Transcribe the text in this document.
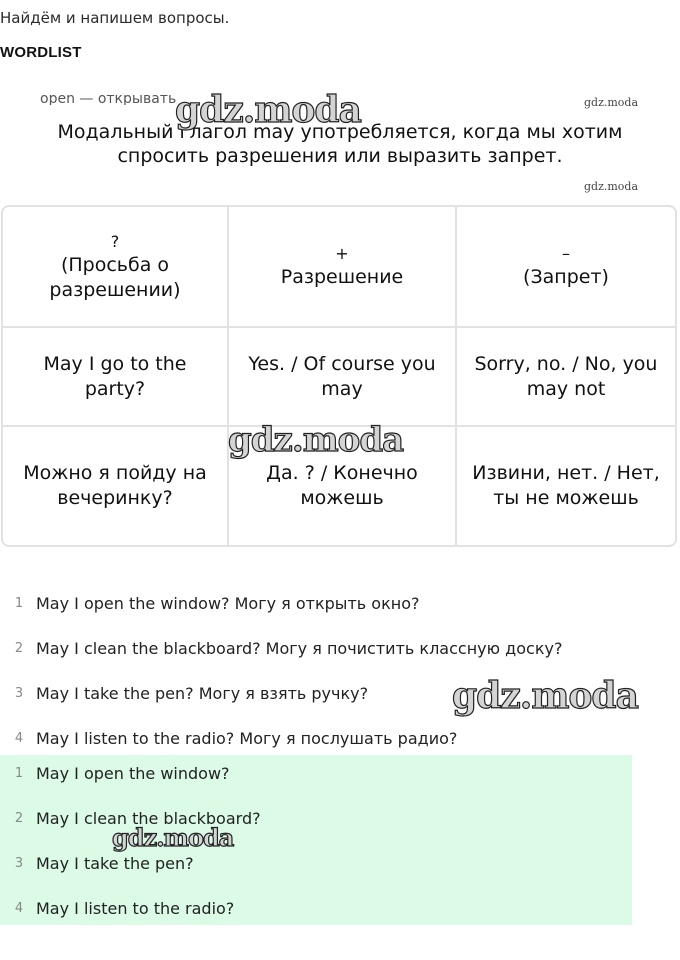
Найдём и напишем вопросы.
WORDLIST
open — открывать
Модальный глагол may употребляется, когда мы хотим
спросить разрешения или выразить запрет.
?
(Просьба о разрешении)
+
Разрешение
–
(Запрет)
May I go to the party?
Yes. / Of course you may
Sorry, no. / No, you may not
Можно я пойду на вечеринку?
Да. ? / Конечно можешь
Извини, нет. / Нет, ты не можешь
1 May I open the window? Могу я открыть окно?
2 May I clean the blackboard? Могу я почистить классную доску?
3 May I take the pen? Могу я взять ручку?
4 May I listen to the radio? Могу я послушать радио?
1 May I open the window?
2 May I clean the blackboard?
3 May I take the pen?
4 May I listen to the radio?
gdz.moda	gdz.moda
gdz.moda
gdz.moda
gdz.moda
gdz.moda
